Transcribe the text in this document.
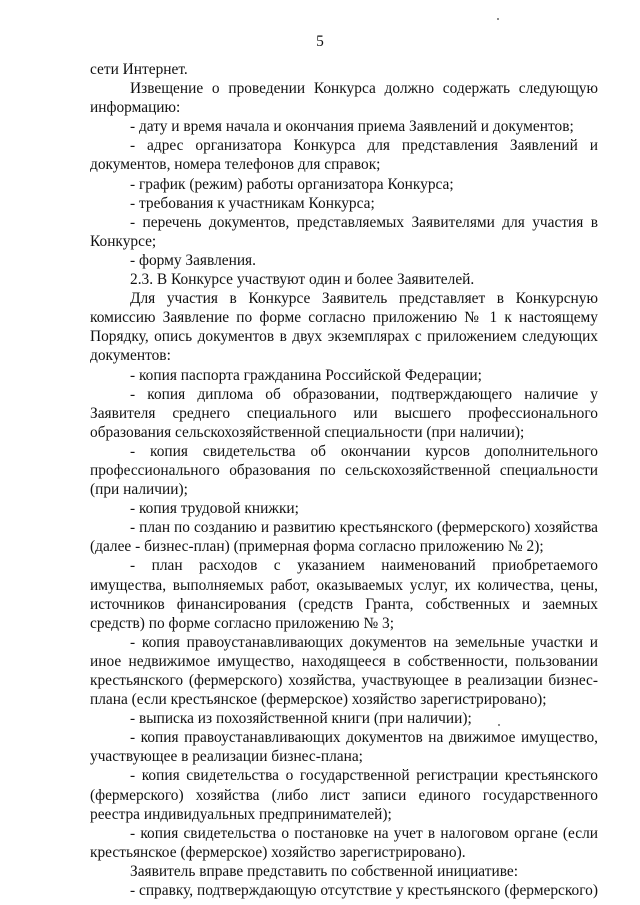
5

сети Интернет.

Извещение о проведении Конкурса должно содержать следующую информацию:

- дату и время начала и окончания приема Заявлений и документов;

- адрес организатора Конкурса для представления Заявлений и документов, номера телефонов для справок;

- график (режим) работы организатора Конкурса;

- требования к участникам Конкурса;

- перечень документов, представляемых Заявителями для участия в Конкурсе;

- форму Заявления.

2.3. В Конкурсе участвуют один и более Заявителей.

Для участия в Конкурсе Заявитель представляет в Конкурсную комиссию Заявление по форме согласно приложению № 1 к настоящему Порядку, опись документов в двух экземплярах с приложением следующих документов:

- копия паспорта гражданина Российской Федерации;

- копия диплома об образовании, подтверждающего наличие у Заявителя среднего специального или высшего профессионального образования сельскохозяйственной специальности (при наличии);

- копия свидетельства об окончании курсов дополнительного профессионального образования по сельскохозяйственной специальности (при наличии);

- копия трудовой книжки;

- план по созданию и развитию крестьянского (фермерского) хозяйства (далее - бизнес-план) (примерная форма согласно приложению № 2);

- план расходов с указанием наименований приобретаемого имущества, выполняемых работ, оказываемых услуг, их количества, цены, источников финансирования (средств Гранта, собственных и заемных средств) по форме согласно приложению № 3;

- копия правоустанавливающих документов на земельные участки и иное недвижимое имущество, находящееся в собственности, пользовании крестьянского (фермерского) хозяйства, участвующее в реализации бизнес-плана (если крестьянское (фермерское) хозяйство зарегистрировано);

- выписка из похозяйственной книги (при наличии);

- копия правоустанавливающих документов на движимое имущество, участвующее в реализации бизнес-плана;

- копия свидетельства о государственной регистрации крестьянского (фермерского) хозяйства (либо лист записи единого государственного реестра индивидуальных предпринимателей);

- копия свидетельства о постановке на учет в налоговом органе (если крестьянское (фермерское) хозяйство зарегистрировано).

Заявитель вправе представить по собственной инициативе:

- справку, подтверждающую отсутствие у крестьянского (фермерского)
